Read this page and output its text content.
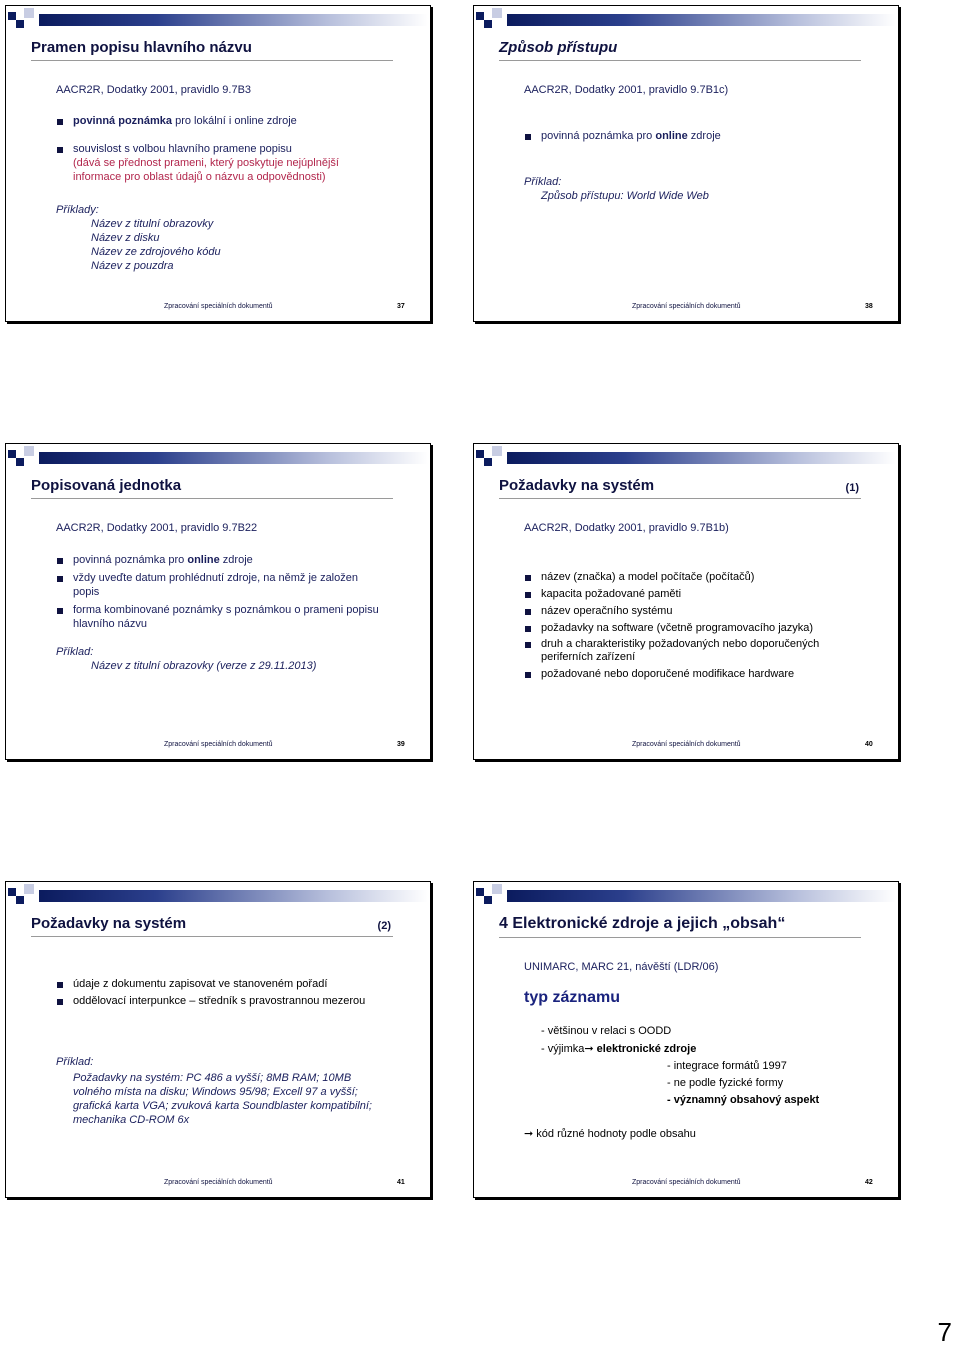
Pramen popisu hlavního názvu
AACR2R, Dodatky 2001, pravidlo 9.7B3
povinná poznámka pro lokální i online zdroje
souvislost s volbou hlavního pramene popisu
(dává se přednost prameni, který poskytuje nejúplnější
informace pro oblast údajů o názvu a odpovědnosti)
Příklady:
Název z titulní obrazovky
Název z disku
Název ze zdrojového kódu
Název z pouzdra
Zpracování speciálních dokumentů	37
Způsob přístupu
AACR2R, Dodatky 2001, pravidlo 9.7B1c)
povinná poznámka pro online zdroje
Příklad:
Způsob přístupu: World Wide Web
Zpracování speciálních dokumentů	38
Popisovaná jednotka
AACR2R, Dodatky 2001, pravidlo 9.7B22
povinná poznámka pro online zdroje
vždy uveďte datum prohlédnutí zdroje, na němž je založen
popis
forma kombinované poznámky s poznámkou o prameni popisu
hlavního názvu
Příklad:
Název z titulní obrazovky (verze z 29.11.2013)
Zpracování speciálních dokumentů	39
Požadavky na systém	(1)
AACR2R, Dodatky 2001, pravidlo 9.7B1b)
název (značka) a model počítače (počítačů)
kapacita požadované paměti
název operačního systému
požadavky na software (včetně programovacího jazyka)
druh a charakteristiky požadovaných nebo doporučených
periferních zařízení
požadované nebo doporučené modifikace hardware
Zpracování speciálních dokumentů	40
Požadavky na systém	(2)
údaje z dokumentu zapisovat ve stanoveném pořadí
oddělovací interpunkce – středník s pravostrannou mezerou
Příklad:
Požadavky na systém: PC 486 a vyšší; 8MB RAM; 10MB
volného místa na disku; Windows 95/98; Excell 97 a vyšší;
grafická karta VGA; zvuková karta Soundblaster kompatibilní;
mechanika CD-ROM 6x
Zpracování speciálních dokumentů	41
4 Elektronické zdroje a jejich „obsah“
UNIMARC, MARC 21, návěští (LDR/06)
typ záznamu
- většinou v relaci s OODD
- výjimka➞ elektronické zdroje
- integrace formátů 1997
- ne podle fyzické formy
- významný obsahový aspekt
➞ kód různé hodnoty podle obsahu
Zpracování speciálních dokumentů	42
7
